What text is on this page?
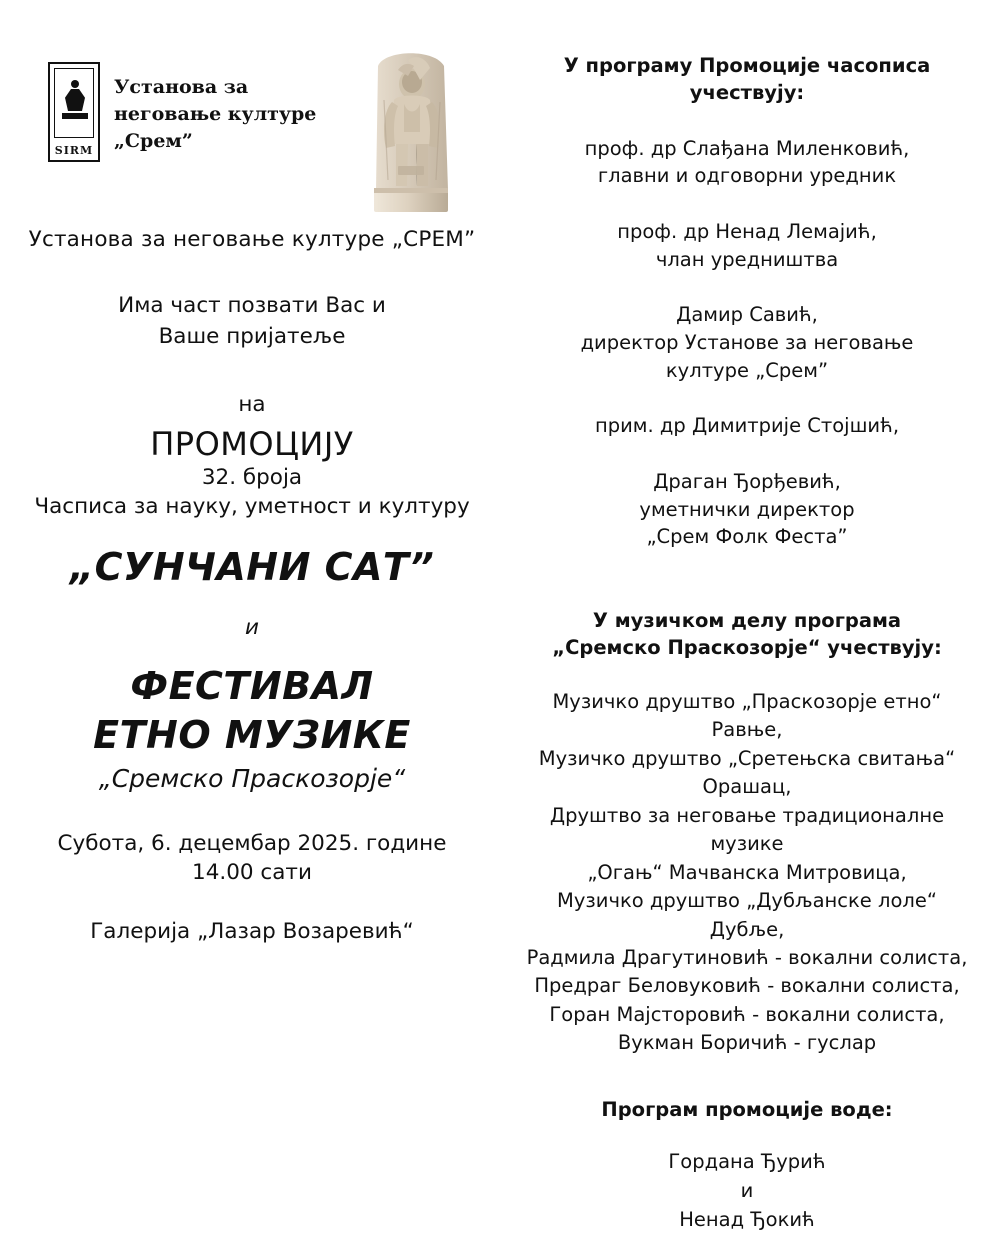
SIRM
Установа за
неговање културе
„Срем”
Установа за неговање културе „СРЕМ”
Има част позвати Вас и
Ваше пријатеље
на
ПРОМОЦИЈУ
32. броја
Часписа за науку, уметност и културу
„СУНЧАНИ САТ”
и
ФЕСТИВАЛ
ЕТНО МУЗИКЕ
„Сремско Праскозорје“
Субота, 6. децембар 2025. године
14.00 сати
Галерија „Лазар Возаревић“
У програму Промоције часописа учествују:
проф. др Слађана Миленковић,
главни и одговорни уредник
проф. др Ненад Лемајић,
члан уредништва
Дамир Савић,
директор Установе за неговање
културе „Срем”
прим. др Димитрије Стојшић,
Драган Ђорђевић,
уметнички директор
„Срем Фолк Феста”
У музичком делу програма
„Сремско Праскозорје“ учествују:
Музичко друштво „Праскозорје етно“ Равње,
Музичко друштво „Сретењска свитања“ Орашац,
Друштво за неговање традиционалне музике
„Огањ“ Мачванска Митровица,
Музичко друштво „Дубљанске лоле“ Дубље,
Радмила Драгутиновић - вокални солиста,
Предраг Беловуковић - вокални солиста,
Горан Мајсторовић - вокални солиста,
Вукман Боричић - гуслар
Програм промоције воде:
Гордана Ђурић
и
Ненад Ђокић
